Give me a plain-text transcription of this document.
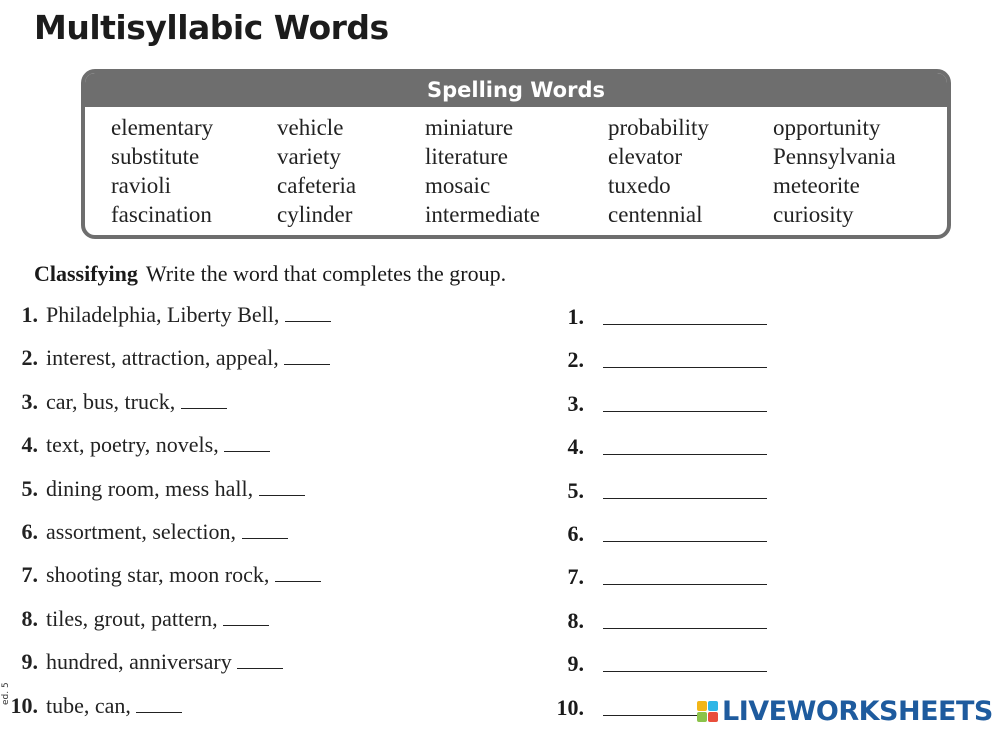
Multisyllabic Words
Spelling Words
elementary	vehicle	miniature	probability	opportunity
substitute	variety	literature	elevator	Pennsylvania
ravioli	cafeteria	mosaic	tuxedo	meteorite
fascination	cylinder	intermediate	centennial	curiosity
Classifying Write the word that completes the group.
1. Philadelphia, Liberty Bell,
2. interest, attraction, appeal,
3. car, bus, truck,
4. text, poetry, novels,
5. dining room, mess hall,
6. assortment, selection,
7. shooting star, moon rock,
8. tiles, grout, pattern,
9. hundred, anniversary
10. tube, can,
1.
2.
3.
4.
5.
6.
7.
8.
9.
10.
ed. 5
LIVEWORKSHEETS
